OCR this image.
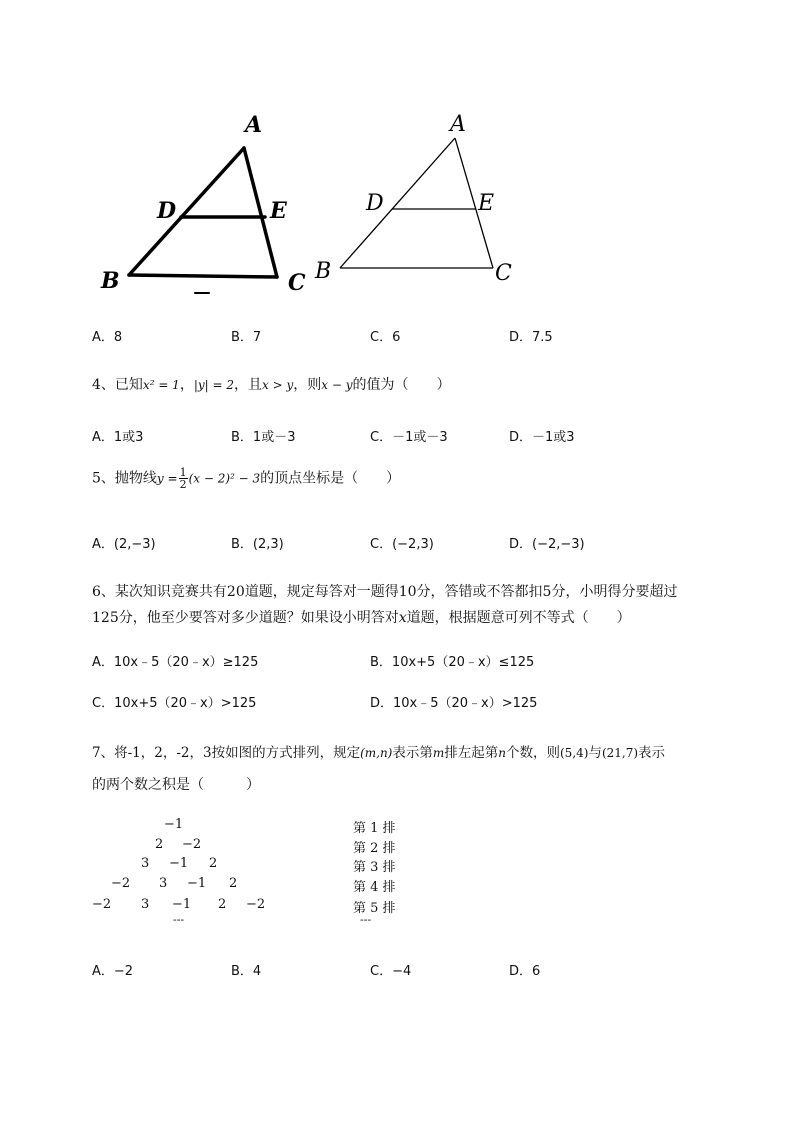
A
D	E
B	C
A
D	E
B	C
A．8	B．7	C．6	D．7.5
4、已知x² = 1，|y| = 2，且x > y，则x − y的值为（　　）
A．1或3	B．1或－3	C．－1或－3	D．－1或3
5、抛物线$y = \frac{1}{2} (x - 2)^2 - 3$的顶点坐标是（　　）
A．(2,−3)	B．(2,3)	C．(−2,3)	D．(−2,−3)
6、某次知识竞赛共有20道题，规定每答对一题得10分，答错或不答都扣5分，小明得分要超过
125分，他至少要答对多少道题？如果设小明答对x道题，根据题意可列不等式（　　）
A．10x﹣5（20﹣x）≥125	B．10x+5（20﹣x）≤125
C．10x+5（20﹣x）>125	D．10x﹣5（20﹣x）>125
7、将-1，2，-2，3按如图的方式排列，规定(m,n)表示第m排左起第n个数，则(5,4)与(21,7)表示
的两个数之积是（　　　）
−1
2 −2
3 −1 2
−2 3 −1 2
−2 3 −1 2 −2
---
第 1 排
第 2 排
第 3 排
第 4 排
第 5 排
---
A．−2	B．4	C．−4	D．6
